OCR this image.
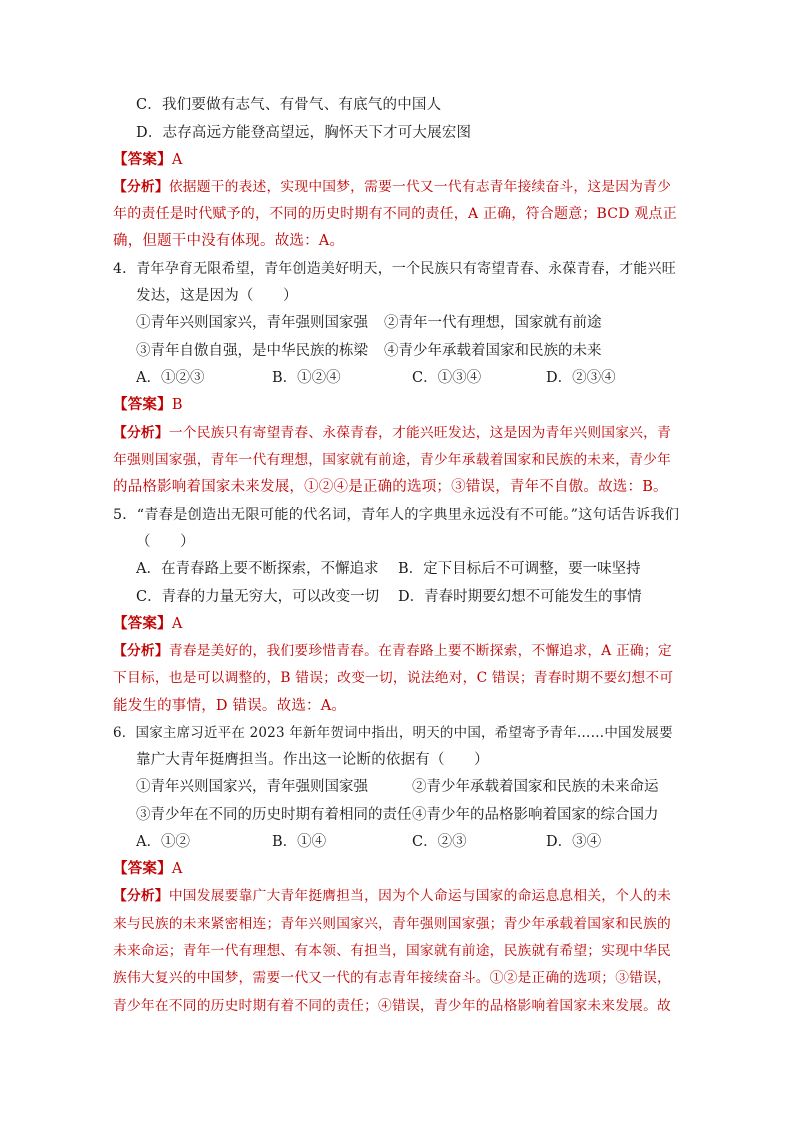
C．我们要做有志气、有骨气、有底气的中国人
D．志存高远方能登高望远，胸怀天下才可大展宏图
【答案】A
【分析】依据题干的表述，实现中国梦，需要一代又一代有志青年接续奋斗，这是因为青少
年的责任是时代赋予的，不同的历史时期有不同的责任，A 正确，符合题意；BCD 观点正
确，但题干中没有体现。故选：A。
4．青年孕育无限希望，青年创造美好明天，一个民族只有寄望青春、永葆青春，才能兴旺
发达，这是因为（　　）
①青年兴则国家兴，青年强则国家强 ②青年一代有理想，国家就有前途
③青年自傲自强，是中华民族的栋梁 ④青少年承载着国家和民族的未来
A．①②③	B．①②④	C．①③④	D．②③④
【答案】B
【分析】一个民族只有寄望青春、永葆青春，才能兴旺发达，这是因为青年兴则国家兴，青
年强则国家强，青年一代有理想，国家就有前途，青少年承载着国家和民族的未来，青少年
的品格影响着国家未来发展，①②④是正确的选项；③错误，青年不自傲。故选：B。
5．“青春是创造出无限可能的代名词，青年人的字典里永远没有不可能。”这句话告诉我们
（　　）
A．在青春路上要不断探索，不懈追求 B．定下目标后不可调整，要一味坚持
C．青春的力量无穷大，可以改变一切 D．青春时期要幻想不可能发生的事情
【答案】A
【分析】青春是美好的，我们要珍惜青春。在青春路上要不断探索，不懈追求，A 正确；定
下目标，也是可以调整的，B 错误；改变一切，说法绝对，C 错误；青春时期不要幻想不可
能发生的事情，D 错误。故选：A。
6．国家主席习近平在 2023 年新年贺词中指出，明天的中国，希望寄予青年……中国发展要
靠广大青年挺膺担当。作出这一论断的依据有（　　）
①青年兴则国家兴，青年强则国家强	②青少年承载着国家和民族的未来命运
③青少年在不同的历史时期有着相同的责任 ④青少年的品格影响着国家的综合国力
A．①②	B．①④	C．②③	D．③④
【答案】A
【分析】中国发展要靠广大青年挺膺担当，因为个人命运与国家的命运息息相关，个人的未
来与民族的未来紧密相连；青年兴则国家兴，青年强则国家强；青少年承载着国家和民族的
未来命运；青年一代有理想、有本领、有担当，国家就有前途，民族就有希望；实现中华民
族伟大复兴的中国梦，需要一代又一代的有志青年接续奋斗。①②是正确的选项；③错误，
青少年在不同的历史时期有着不同的责任；④错误，青少年的品格影响着国家未来发展。故
